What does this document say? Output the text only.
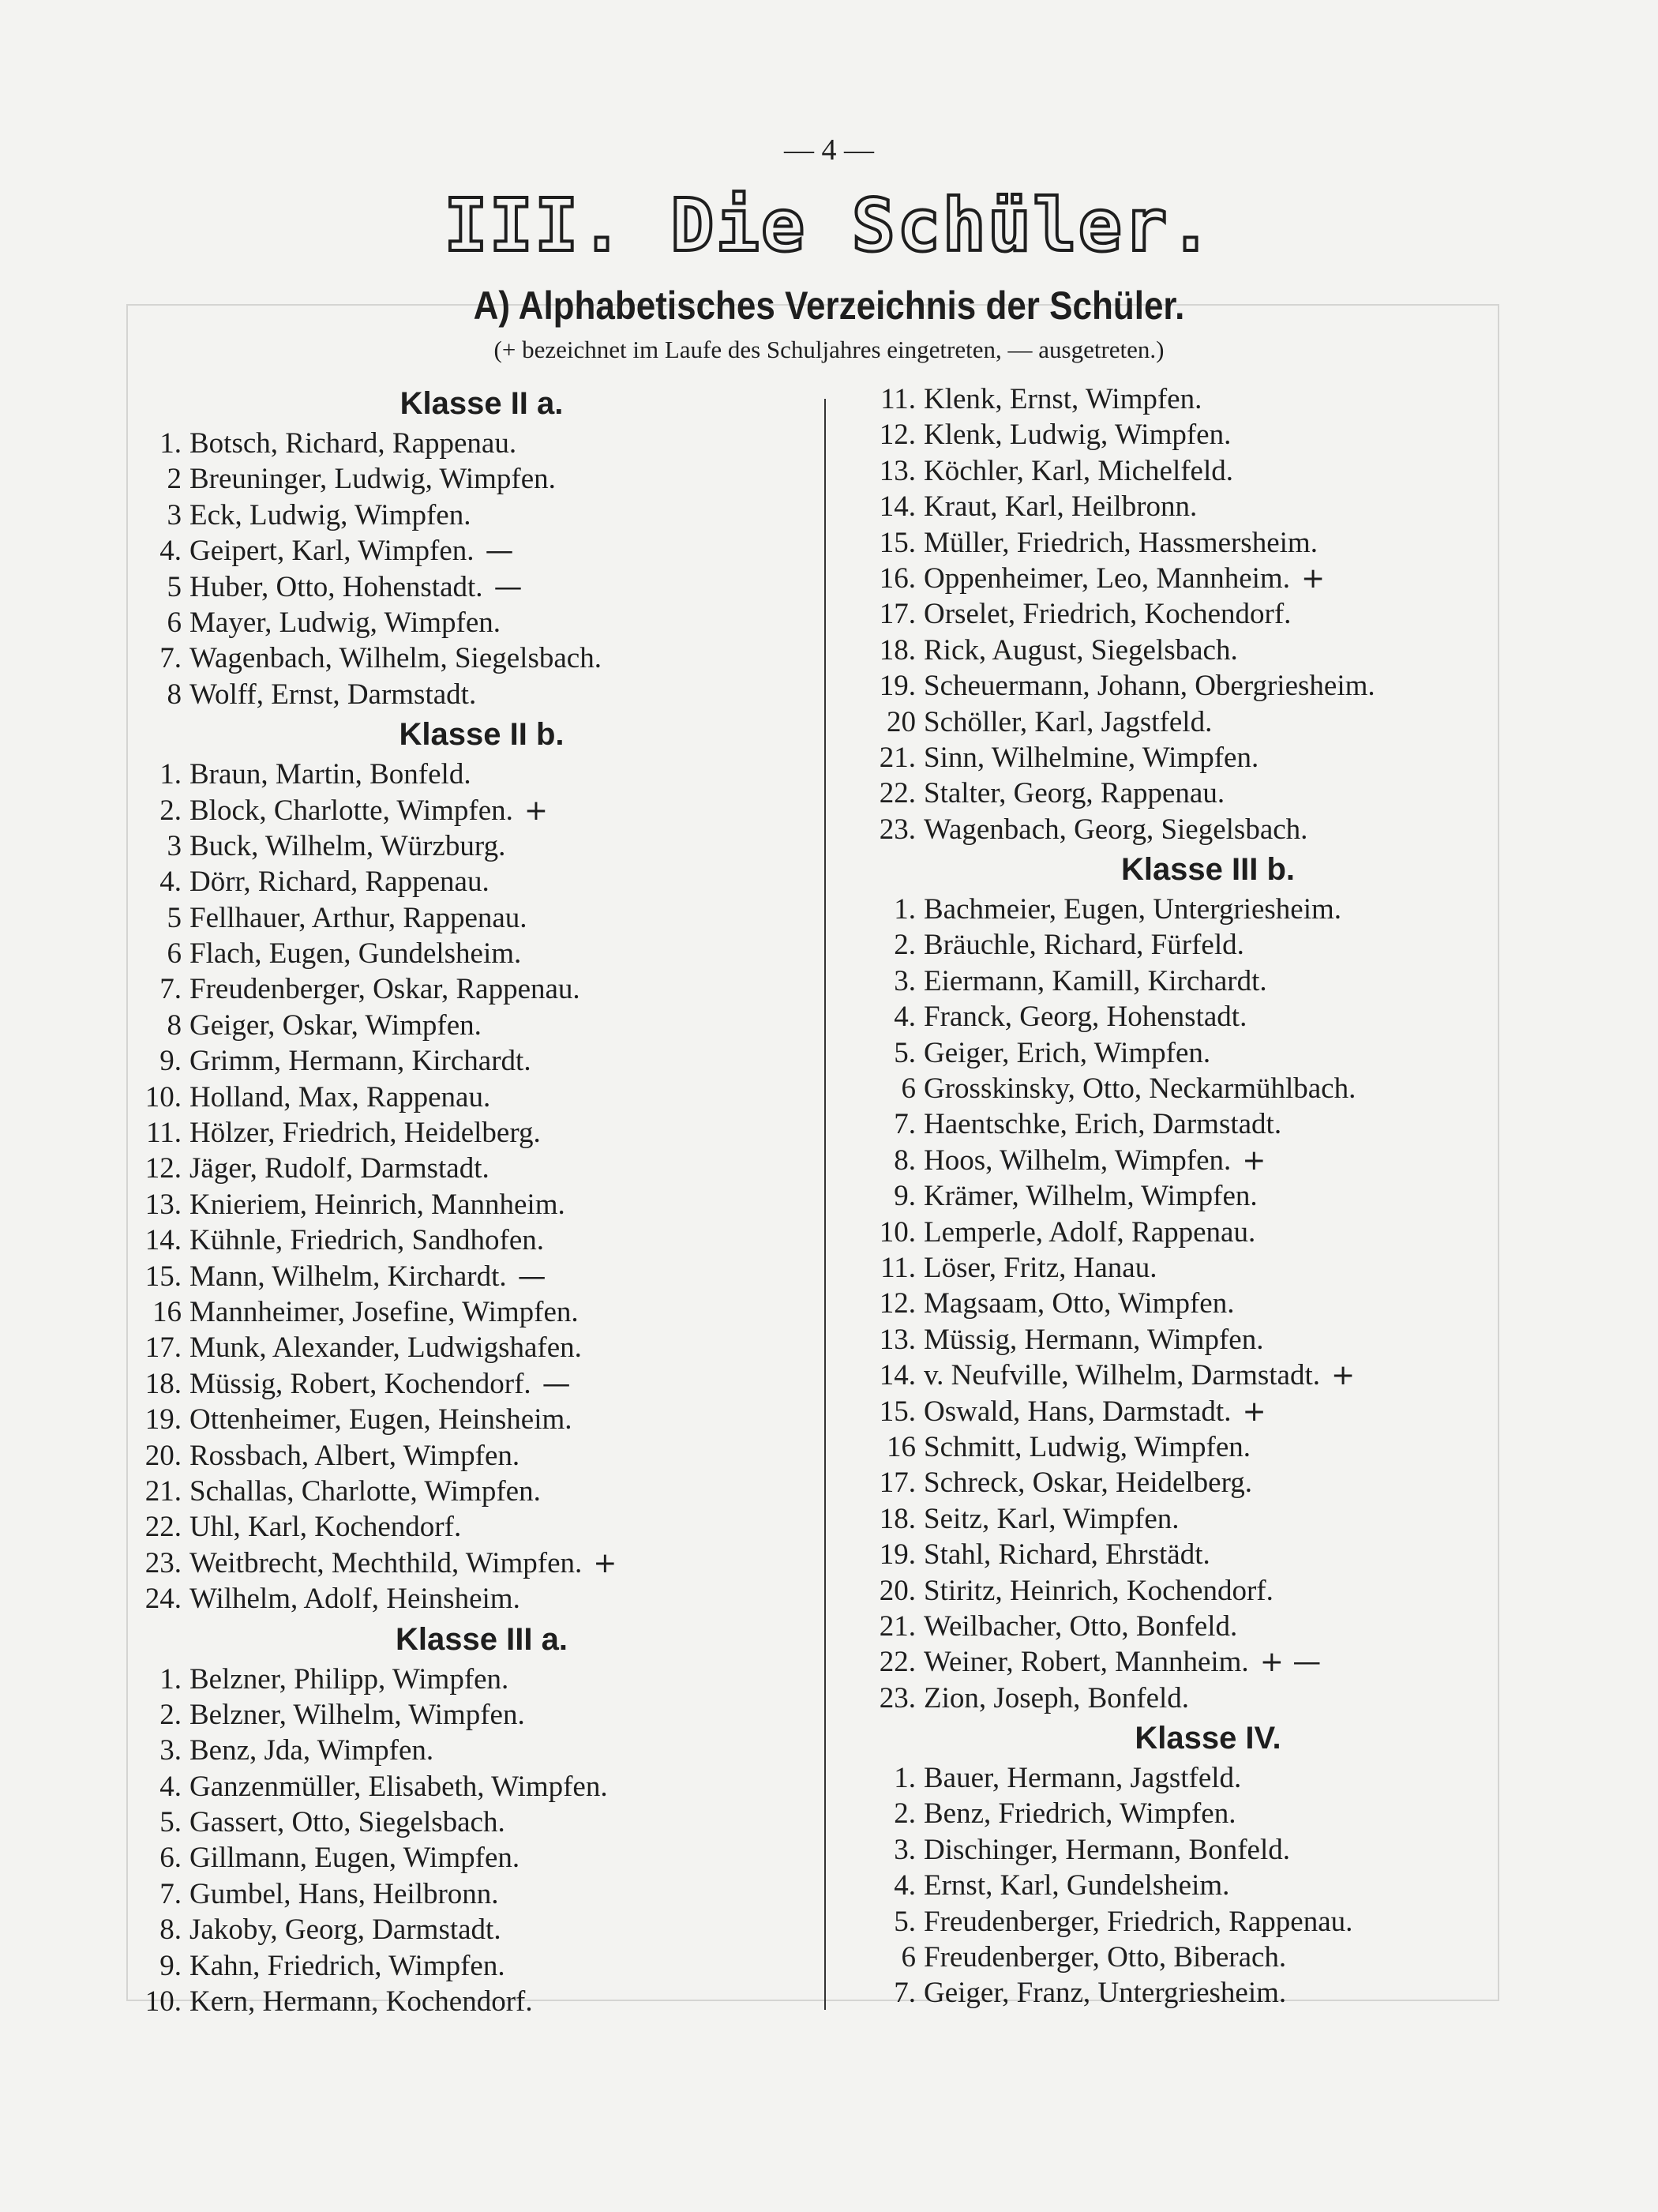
— 4 —
III. Die Schüler.
A) Alphabetisches Verzeichnis der Schüler.
(+ bezeichnet im Laufe des Schuljahres eingetreten, — ausgetreten.)
Klasse II a.
1. Botsch, Richard, Rappenau.
2 Breuninger, Ludwig, Wimpfen.
3 Eck, Ludwig, Wimpfen.
4. Geipert, Karl, Wimpfen. —
5 Huber, Otto, Hohenstadt. —
6 Mayer, Ludwig, Wimpfen.
7. Wagenbach, Wilhelm, Siegelsbach.
8 Wolff, Ernst, Darmstadt.
Klasse II b.
1. Braun, Martin, Bonfeld.
2. Block, Charlotte, Wimpfen. +
3 Buck, Wilhelm, Würzburg.
4. Dörr, Richard, Rappenau.
5 Fellhauer, Arthur, Rappenau.
6 Flach, Eugen, Gundelsheim.
7. Freudenberger, Oskar, Rappenau.
8 Geiger, Oskar, Wimpfen.
9. Grimm, Hermann, Kirchardt.
10. Holland, Max, Rappenau.
11. Hölzer, Friedrich, Heidelberg.
12. Jäger, Rudolf, Darmstadt.
13. Knieriem, Heinrich, Mannheim.
14. Kühnle, Friedrich, Sandhofen.
15. Mann, Wilhelm, Kirchardt. —
16 Mannheimer, Josefine, Wimpfen.
17. Munk, Alexander, Ludwigshafen.
18. Müssig, Robert, Kochendorf. —
19. Ottenheimer, Eugen, Heinsheim.
20. Rossbach, Albert, Wimpfen.
21. Schallas, Charlotte, Wimpfen.
22. Uhl, Karl, Kochendorf.
23. Weitbrecht, Mechthild, Wimpfen. +
24. Wilhelm, Adolf, Heinsheim.
Klasse III a.
1. Belzner, Philipp, Wimpfen.
2. Belzner, Wilhelm, Wimpfen.
3. Benz, Jda, Wimpfen.
4. Ganzenmüller, Elisabeth, Wimpfen.
5. Gassert, Otto, Siegelsbach.
6. Gillmann, Eugen, Wimpfen.
7. Gumbel, Hans, Heilbronn.
8. Jakoby, Georg, Darmstadt.
9. Kahn, Friedrich, Wimpfen.
10. Kern, Hermann, Kochendorf.
11. Klenk, Ernst, Wimpfen.
12. Klenk, Ludwig, Wimpfen.
13. Köchler, Karl, Michelfeld.
14. Kraut, Karl, Heilbronn.
15. Müller, Friedrich, Hassmersheim.
16. Oppenheimer, Leo, Mannheim. +
17. Orselet, Friedrich, Kochendorf.
18. Rick, August, Siegelsbach.
19. Scheuermann, Johann, Obergriesheim.
20 Schöller, Karl, Jagstfeld.
21. Sinn, Wilhelmine, Wimpfen.
22. Stalter, Georg, Rappenau.
23. Wagenbach, Georg, Siegelsbach.
Klasse III b.
1. Bachmeier, Eugen, Untergriesheim.
2. Bräuchle, Richard, Fürfeld.
3. Eiermann, Kamill, Kirchardt.
4. Franck, Georg, Hohenstadt.
5. Geiger, Erich, Wimpfen.
6 Grosskinsky, Otto, Neckarmühlbach.
7. Haentschke, Erich, Darmstadt.
8. Hoos, Wilhelm, Wimpfen. +
9. Krämer, Wilhelm, Wimpfen.
10. Lemperle, Adolf, Rappenau.
11. Löser, Fritz, Hanau.
12. Magsaam, Otto, Wimpfen.
13. Müssig, Hermann, Wimpfen.
14. v. Neufville, Wilhelm, Darmstadt. +
15. Oswald, Hans, Darmstadt. +
16 Schmitt, Ludwig, Wimpfen.
17. Schreck, Oskar, Heidelberg.
18. Seitz, Karl, Wimpfen.
19. Stahl, Richard, Ehrstädt.
20. Stiritz, Heinrich, Kochendorf.
21. Weilbacher, Otto, Bonfeld.
22. Weiner, Robert, Mannheim. + —
23. Zion, Joseph, Bonfeld.
Klasse IV.
1. Bauer, Hermann, Jagstfeld.
2. Benz, Friedrich, Wimpfen.
3. Dischinger, Hermann, Bonfeld.
4. Ernst, Karl, Gundelsheim.
5. Freudenberger, Friedrich, Rappenau.
6 Freudenberger, Otto, Biberach.
7. Geiger, Franz, Untergriesheim.
